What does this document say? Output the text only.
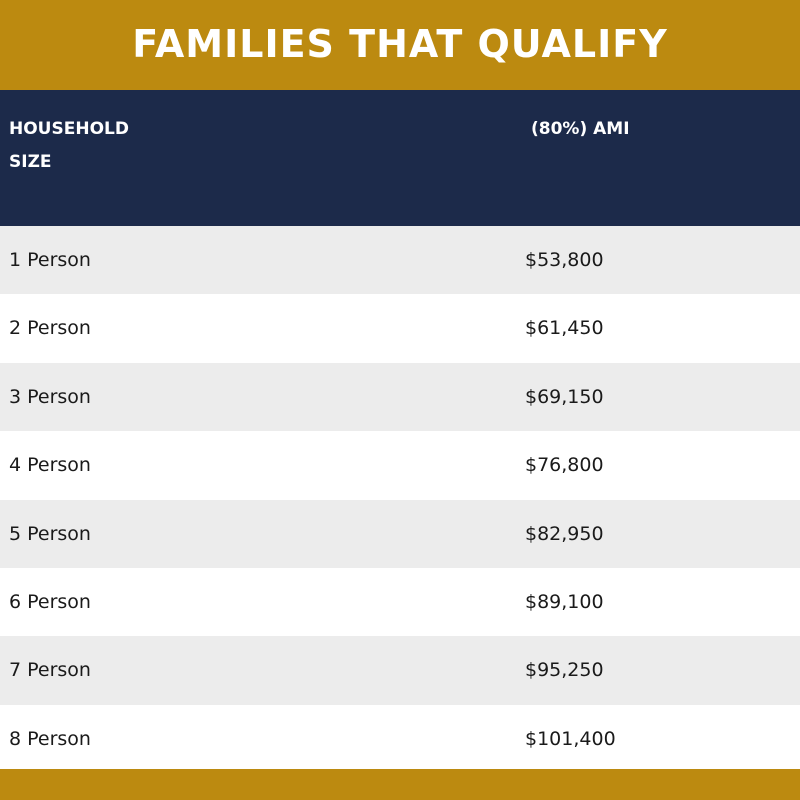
FAMILIES THAT QUALIFY
HOUSEHOLD
SIZE
(80%) AMI
1 Person	$53,800
2 Person	$61,450
3 Person	$69,150
4 Person	$76,800
5 Person	$82,950
6 Person	$89,100
7 Person	$95,250
8 Person	$101,400
